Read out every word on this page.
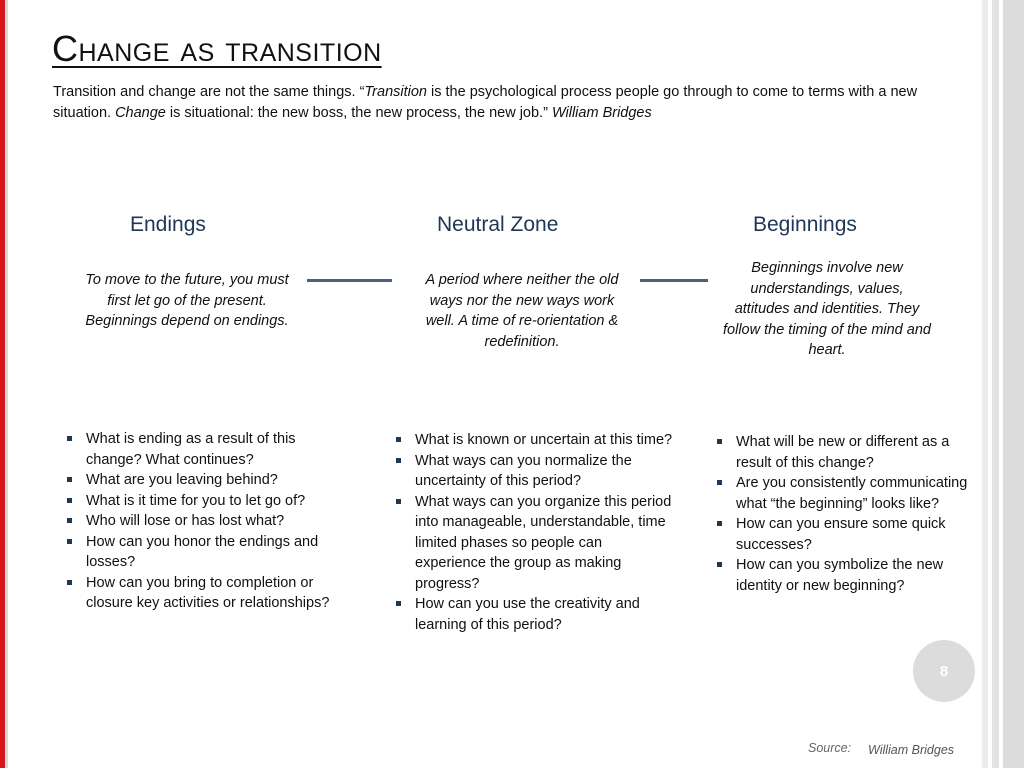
Change as transition
Transition and change are not the same things. “Transition is the psychological process people go through to come to terms with a new situation. Change is situational: the new boss, the new process, the new job.” William Bridges
Endings	Neutral Zone	Beginnings
To move to the future, you must first let go of the present. Beginnings depend on endings.
A period where neither the old ways nor the new ways work well. A time of re-orientation & redefinition.
Beginnings involve new understandings, values, attitudes and identities. They follow the timing of the mind and heart.
What is ending as a result of this change? What continues?
What are you leaving behind?
What is it time for you to let go of?
Who will lose or has lost what?
How can you honor the endings and losses?
How can you bring to completion or closure key activities or relationships?
What is known or uncertain at this time?
What ways can you normalize the uncertainty of this period?
What ways can you organize this period into manageable, understandable, time limited phases so people can experience the group as making progress?
How can you use the creativity and learning of this period?
What will be new or different as a result of this change?
Are you consistently communicating what “the beginning” looks like?
How can you ensure some quick successes?
How can you symbolize the new identity or new beginning?
8
Source: William Bridges
